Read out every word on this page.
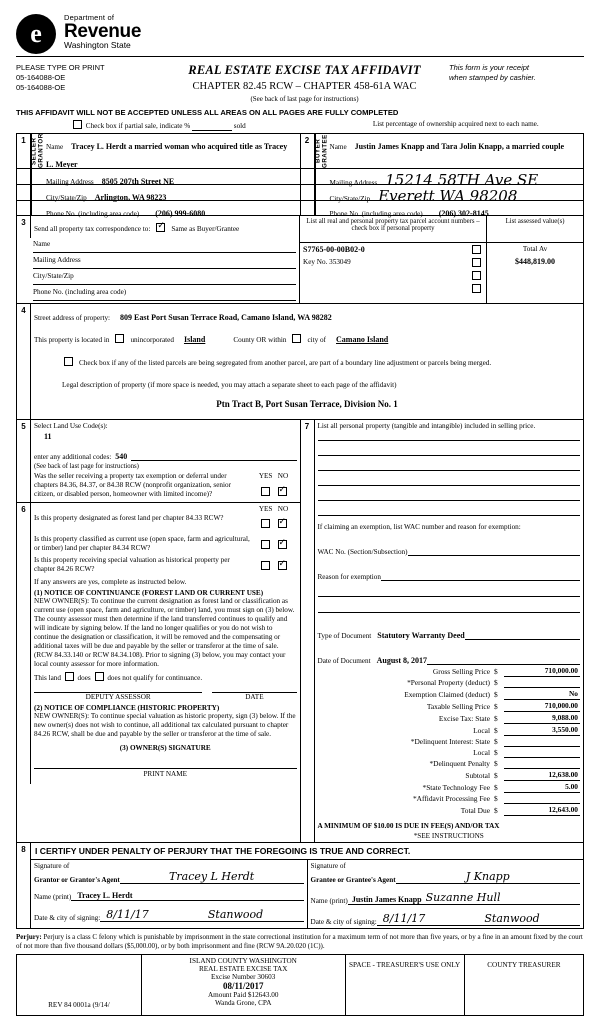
e
Department of
Revenue
Washington State
PLEASE TYPE OR PRINT
05-164088-OE
05-164088-OE
REAL ESTATE EXCISE TAX AFFIDAVIT
CHAPTER 82.45 RCW – CHAPTER 458-61A WAC
(See back of last page for instructions)
This form is your receipt
when stamped by cashier.
THIS AFFIDAVIT WILL NOT BE ACCEPTED UNLESS ALL AREAS ON ALL PAGES ARE FULLY COMPLETED
Check box if partial sale, indicate %	sold	List percentage of ownership acquired next to each name.
1 SELLER GRANTOR Name Tracey L. Herdt a married woman who acquired title as Tracey L. Meyer
Mailing Address 8505 207th Street NE
City/State/Zip Arlington, WA 98223
Phone No. (including area code) (206) 999-6080
2 BUYER GRANTEE Name Justin James Knapp and Tara Jolin Knapp, a married couple
Mailing Address 15214 58TH Ave SE
City/State/Zip Everett WA 98208
Phone No. (including area code) (206) 302-8145
3
Send all property tax correspondence to: ✓	Same as Buyer/Grantee
Name
Mailing Address
City/State/Zip
Phone No. (including area code)
List all real and personal property tax parcel account numbers – check box if personal property
S7765-00-00B02-0
Key No. 353049
List assessed value(s)
Total Av
$448,819.00
4
Street address of property: 809 East Port Susan Terrace Road, Camano Island, WA 98282
This property is located in	unincorporated Island	County OR within	city of Camano Island
Check box if any of the listed parcels are being segregated from another parcel, are part of a boundary line adjustment or parcels being merged.
Legal description of property (if more space is needed, you may attach a separate sheet to each page of the affidavit)
Ptn Tract B, Port Susan Terrace, Division No. 1
5	Select Land Use Code(s):
11
enter any additional codes: 540

(See back of last page for instructions)
Was the seller receiving a property tax exemption or deferral under chapters 84.36, 84.37, or 84.38 RCW (nonprofit organization, senior citizen, or disabled person, homeowner with limited income)?
YES NO
✓
6	YES NO
Is this property designated as forest land per chapter 84.33 RCW?
✓
Is this property classified as current use (open space, farm and agricultural, or timber) land per chapter 84.34 RCW?
✓
Is this property receiving special valuation as historical property per chapter 84.26 RCW?
✓
If any answers are yes, complete as instructed below.
(1) NOTICE OF CONTINUANCE (FOREST LAND OR CURRENT USE)
NEW OWNER(S): To continue the current designation as forest land or classification as current use (open space, farm and agriculture, or timber) land, you must sign on (3) below. The county assessor must then determine if the land transferred continues to qualify and will indicate by signing below. If the land no longer qualifies or you do not wish to continue the designation or classification, it will be removed and the compensating or additional taxes will be due and payable by the seller or transferor at the time of sale. (RCW 84.33.140 or RCW 84.34.108). Prior to signing (3) below, you may contact your local county assessor for more information.
This land does does not qualify for continuance.
DEPUTY ASSESSOR	DATE
(2) NOTICE OF COMPLIANCE (HISTORIC PROPERTY)
NEW OWNER(S): To continue special valuation as historic property, sign (3) below. If the new owner(s) does not wish to continue, all additional tax calculated pursuant to chapter 84.26 RCW, shall be due and payable by the seller or transferor at the time of sale.
(3) OWNER(S) SIGNATURE
PRINT NAME
7	List all personal property (tangible and intangible) included in selling price.
If claiming an exemption, list WAC number and reason for exemption:
WAC No. (Section/Subsection)

Reason for exemption

Type of Document Statutory Warranty Deed

Date of Document August 8, 2017

Gross Selling Price	$	710,000.00
*Personal Property (deduct)	$	
Exemption Claimed (deduct)	$	No
Taxable Selling Price	$	710,000.00
Excise Tax: State	$	9,088.00
Local	$	3,550.00
*Delinquent Interest: State	$	
Local	$	
*Delinquent Penalty	$	
Subtotal	$	12,638.00
*State Technology Fee	$	5.00
*Affidavit Processing Fee	$	
Total Due	$	12,643.00
A MINIMUM OF $10.00 IS DUE IN FEE(S) AND/OR TAX
*SEE INSTRUCTIONS
8	I CERTIFY UNDER PENALTY OF PERJURY THAT THE FOREGOING IS TRUE AND CORRECT.
Signature of
Grantor or Grantor's Agent	Tracey L Herdt
Name (print) Tracey L. Herdt
Date & city of signing: 8/11/17	Stanwood
Signature of
Grantee or Grantee's Agent	J Knapp
Name (print) Justin James Knapp Suzanne Hull
Date & city of signing: 8/11/17	Stanwood
Perjury: Perjury is a class C felony which is punishable by imprisonment in the state correctional institution for a maximum term of not more than five years, or by a fine in an amount fixed by the court of not more than five thousand dollars ($5,000.00), or by both imprisonment and fine (RCW 9A.20.020 (1C)).
REV 84 0001a (9/14/
ISLAND COUNTY WASHINGTON
REAL ESTATE EXCISE TAX
Excise Number 30603
08/11/2017
Amount Paid $12643.00
Wanda Grone, CPA
SPACE - TREASURER'S USE ONLY	COUNTY TREASURER
